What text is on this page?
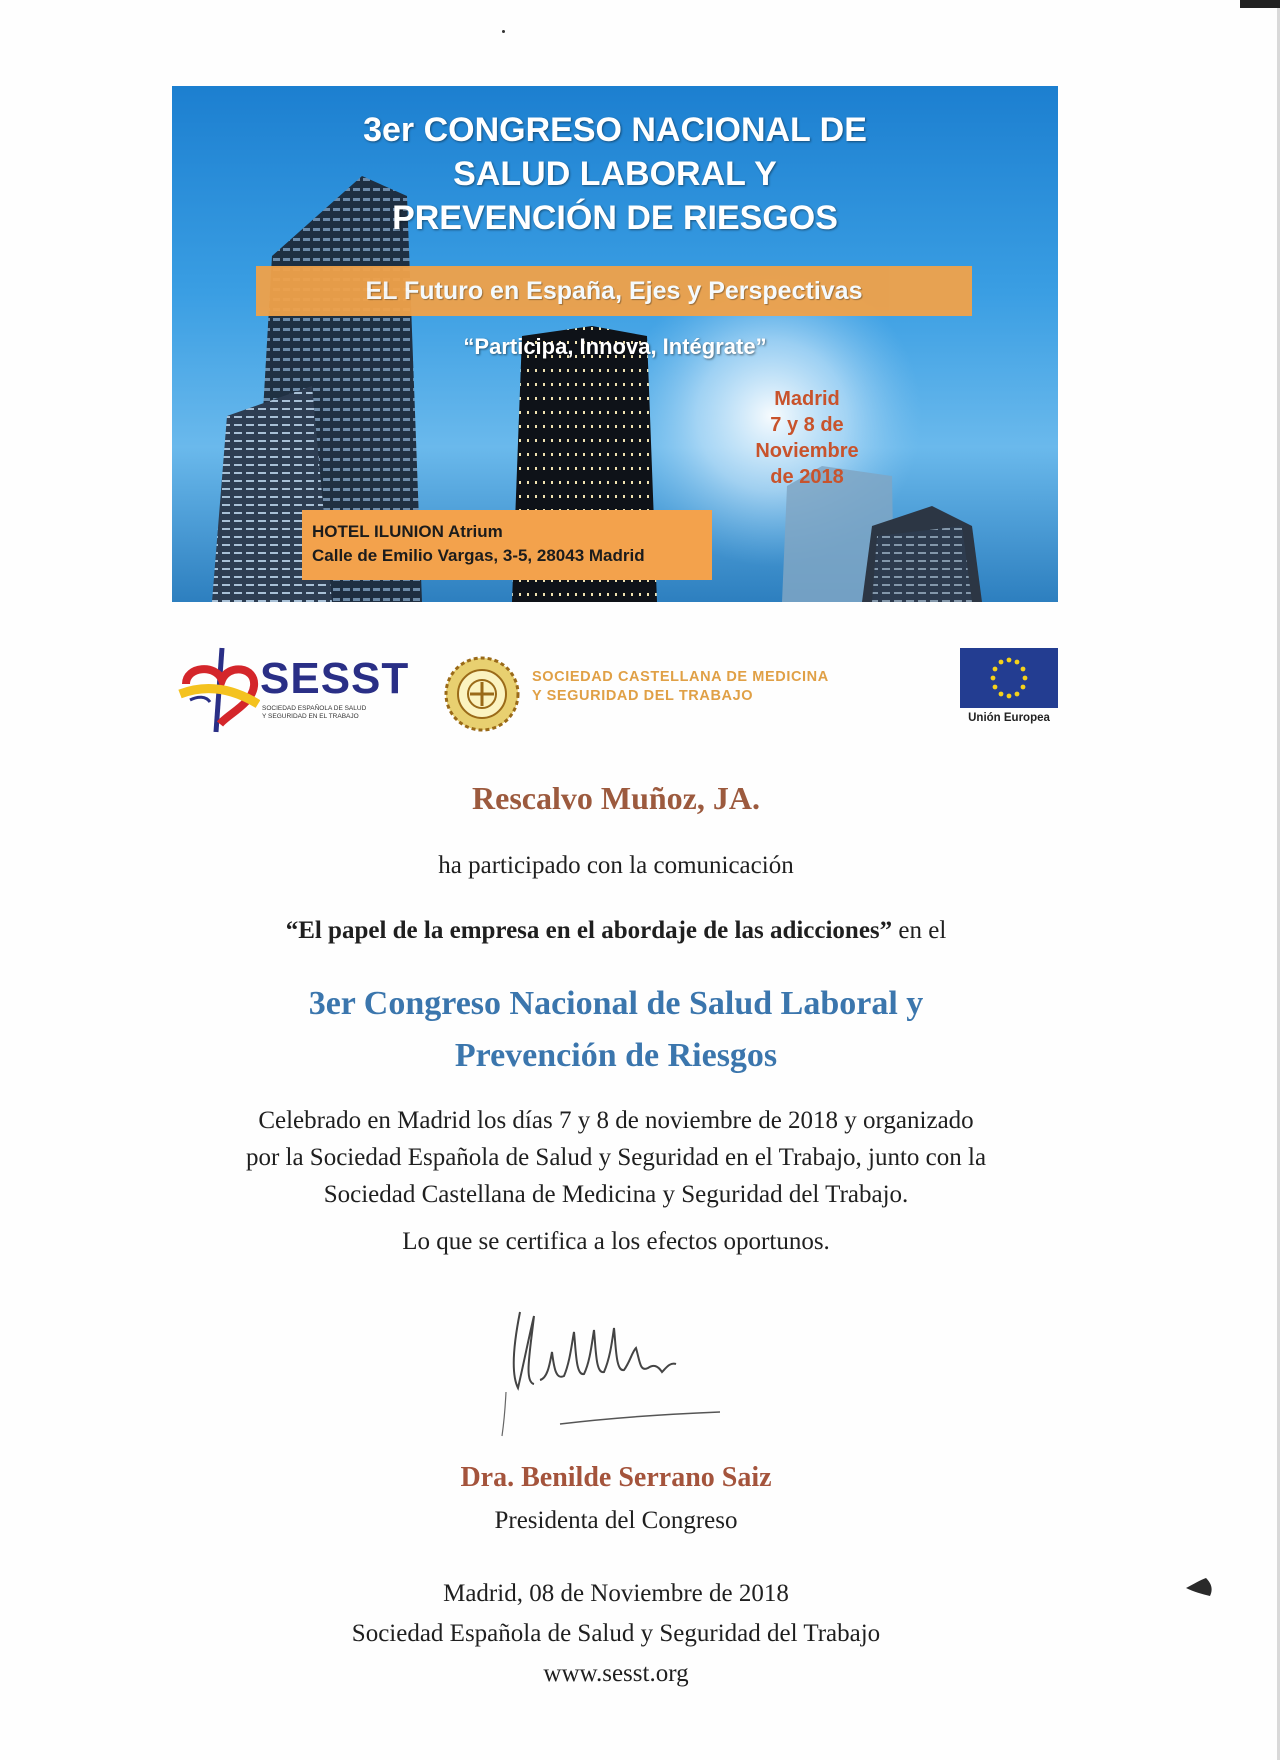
3er CONGRESO NACIONAL DE
SALUD LABORAL Y
PREVENCIÓN DE RIESGOS
EL Futuro en España, Ejes y Perspectivas
“Participa, Innova, Intégrate”
Madrid
7 y 8 de
Noviembre
de 2018
HOTEL ILUNION Atrium
Calle de Emilio Vargas, 3-5, 28043 Madrid
SESST
SOCIEDAD ESPAÑOLA DE SALUD
Y SEGURIDAD EN EL TRABAJO
SOCIEDAD CASTELLANA DE MEDICINA
Y SEGURIDAD DEL TRABAJO
Unión Europea
Rescalvo Muñoz, JA.
ha participado con la comunicación
“El papel de la empresa en el abordaje de las adicciones” en el
3er Congreso Nacional de Salud Laboral y
Prevención de Riesgos
Celebrado en Madrid los días 7 y 8 de noviembre de 2018 y organizado
por la Sociedad Española de Salud y Seguridad en el Trabajo, junto con la
Sociedad Castellana de Medicina y Seguridad del Trabajo.
Lo que se certifica a los efectos oportunos.
Dra. Benilde Serrano Saiz
Presidenta del Congreso
Madrid, 08 de Noviembre de 2018
Sociedad Española de Salud y Seguridad del Trabajo
www.sesst.org
